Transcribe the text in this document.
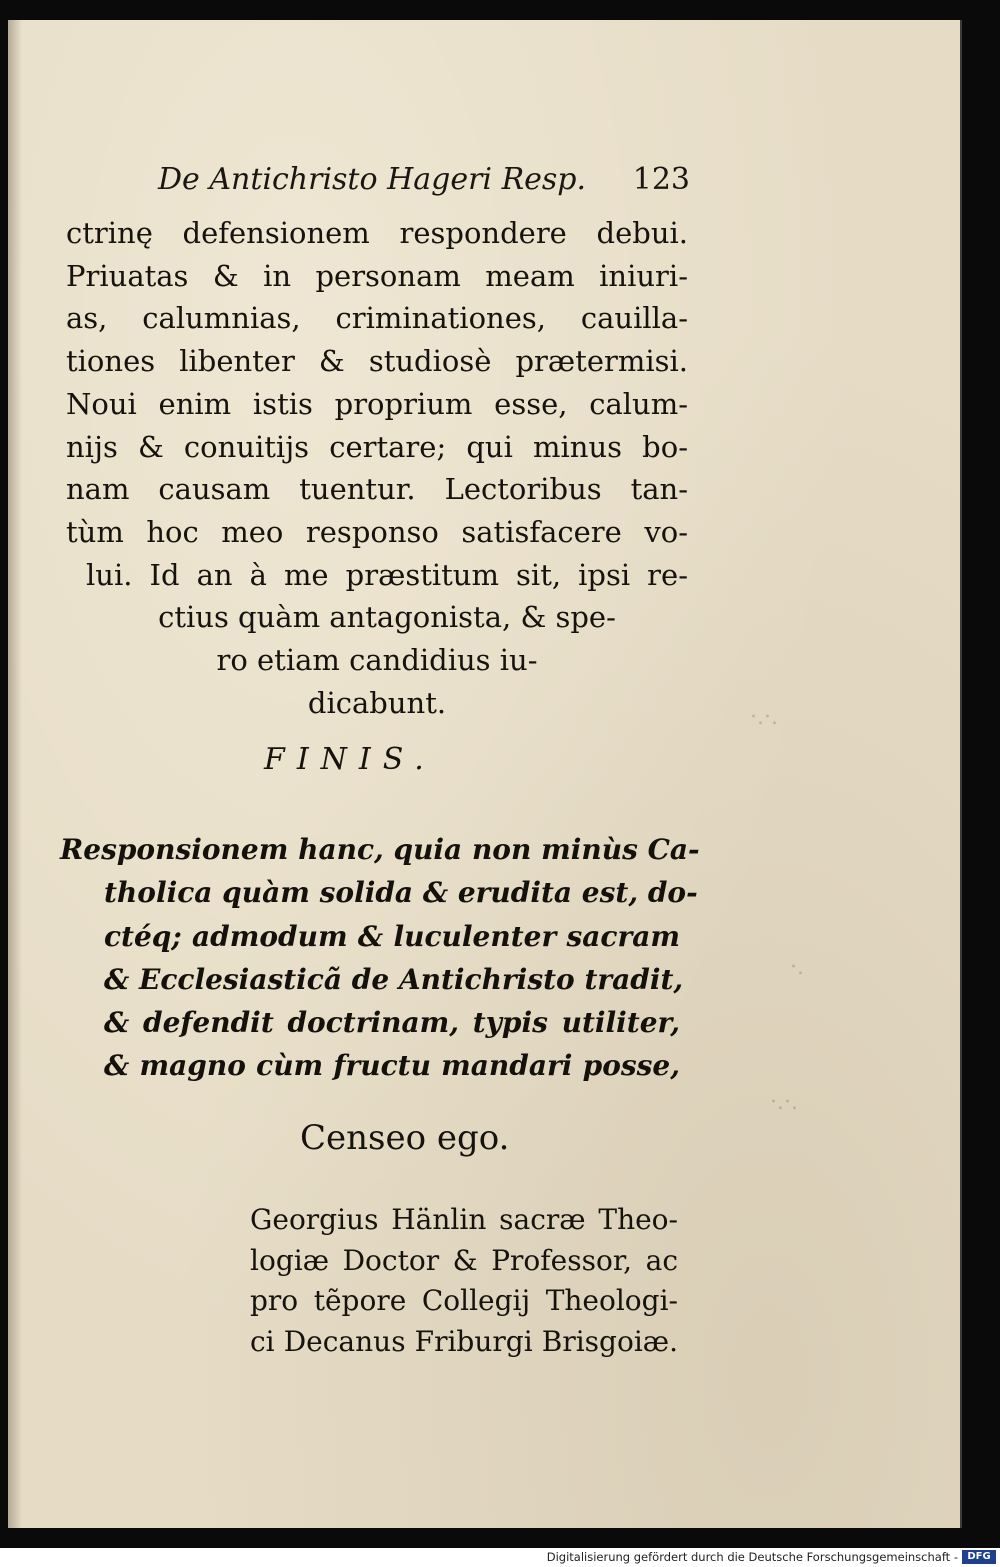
·.·.
·.
·.·.
De Antichristo Hageri Resp. 123
ctrinę defensionem respondere debui.
Priuatas & in personam meam iniuri-
as, calumnias, criminationes, cauilla-
tiones libenter & studiosè prætermisi.
Noui enim istis proprium esse, calum-
nijs & conuitijs certare; qui minus bo-
nam causam tuentur. Lectoribus tan-
tùm hoc meo responso satisfacere vo-
lui. Id an à me præstitum sit, ipsi re-
ctius quàm antagonista, & spe-
ro etiam candidius iu-
dicabunt.
FINIS.
Responsionem hanc, quia non minùs Ca-
tholica quàm solida & erudita est, do-
ctéq; admodum & luculenter sacram
& Ecclesiasticã de Antichristo tradit,
& defendit doctrinam, typis utiliter,
& magno cùm fructu mandari posse,
Censeo ego.
Georgius Hänlin sacræ Theo-
logiæ Doctor & Professor, ac
pro tẽpore Collegij Theologi-
ci Decanus Friburgi Brisgoiæ.
Digitalisierung gefördert durch die Deutsche Forschungsgemeinschaft - DFG
